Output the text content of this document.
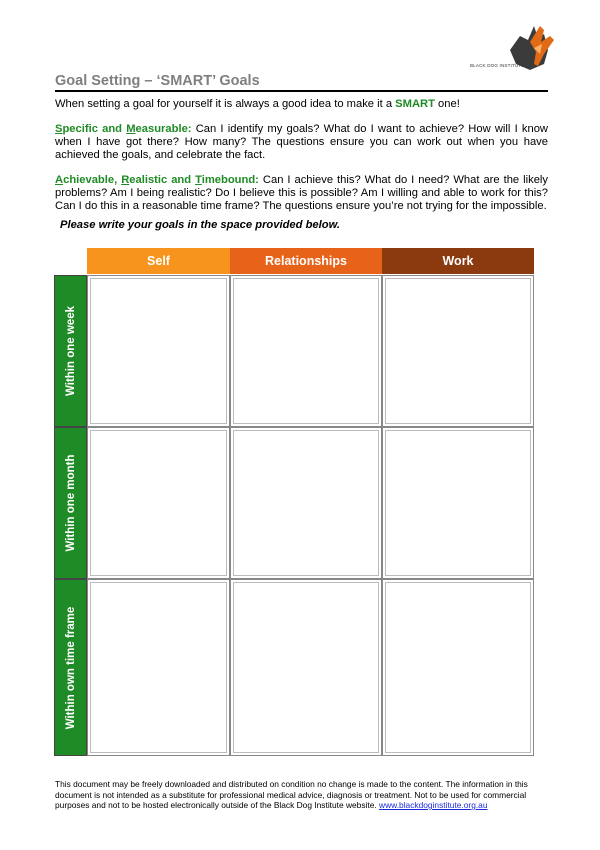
BLACK DOG INSTITUTE
Goal Setting – ‘SMART’ Goals

When setting a goal for yourself it is always a good idea to make it a SMART one!

Specific and Measurable: Can I identify my goals? What do I want to achieve? How will I know when I have got there? How many? The questions ensure you can work out when you have achieved the goals, and celebrate the fact.

Achievable, Realistic and Timebound: Can I achieve this? What do I need? What are the likely problems? Am I being realistic? Do I believe this is possible? Am I willing and able to work for this? Can I do this in a reasonable time frame? The questions ensure you’re not trying for the impossible.

Please write your goals in the space provided below.
Self	Relationships	Work
Within one week
Within one month
Within own time frame
This document may be freely downloaded and distributed on condition no change is made to the content. The information in this document is not intended as a substitute for professional medical advice, diagnosis or treatment. Not to be used for commercial purposes and not to be hosted electronically outside of the Black Dog Institute website. www.blackdoginstitute.org.au
